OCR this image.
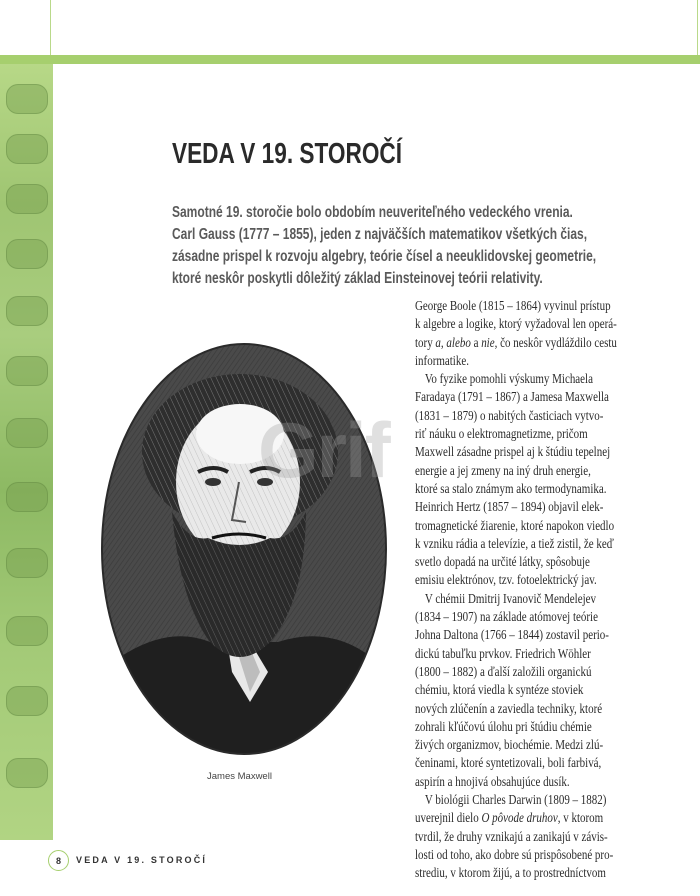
VEDA V 19. STOROČÍ
Samotné 19. storočie bolo obdobím neuveriteľného vedeckého vrenia.
Carl Gauss (1777 – 1855), jeden z najväčších matematikov všetkých čias,
zásadne prispel k rozvoju algebry, teórie čísel a neeuklidovskej geometrie,
ktoré neskôr poskytli dôležitý základ Einsteinovej teórii relativity.

James Maxwell

George Boole (1815 – 1864) vyvinul prístup
k algebre a logike, ktorý vyžadoval len operá-
tory a, alebo a nie, čo neskôr vydláždilo cestu
informatike.

Vo fyzike pomohli výskumy Michaela
Faradaya (1791 – 1867) a Jamesa Maxwella
(1831 – 1879) o nabitých časticiach vytvo-
riť náuku o elektromagnetizme, pričom
Maxwell zásadne prispel aj k štúdiu tepelnej
energie a jej zmeny na iný druh energie,
ktoré sa stalo známym ako termodynamika.
Heinrich Hertz (1857 – 1894) objavil elek-
tromagnetické žiarenie, ktoré napokon viedlo
k vzniku rádia a televízie, a tiež zistil, že keď
svetlo dopadá na určité látky, spôsobuje
emisiu elektrónov, tzv. fotoelektrický jav.

V chémii Dmitrij Ivanovič Mendelejev
(1834 – 1907) na základe atómovej teórie
Johna Daltona (1766 – 1844) zostavil perio-
dickú tabuľku prvkov. Friedrich Wöhler
(1800 – 1882) a ďalší založili organickú
chémiu, ktorá viedla k syntéze stoviek
nových zlúčenín a zaviedla techniky, ktoré
zohrali kľúčovú úlohu pri štúdiu chémie
živých organizmov, biochémie. Medzi zlú-
čeninami, ktoré syntetizovali, boli farbivá,
aspirín a hnojivá obsahujúce dusík.

V biológii Charles Darwin (1809 – 1882)
uverejnil dielo O pôvode druhov, v ktorom
tvrdil, že druhy vznikajú a zanikajú v závis-
losti od toho, ako dobre sú prispôsobené pro-
strediu, v ktorom žijú, a to prostredníctvom

Grif
8	VEDA V 19. STOROČÍ
